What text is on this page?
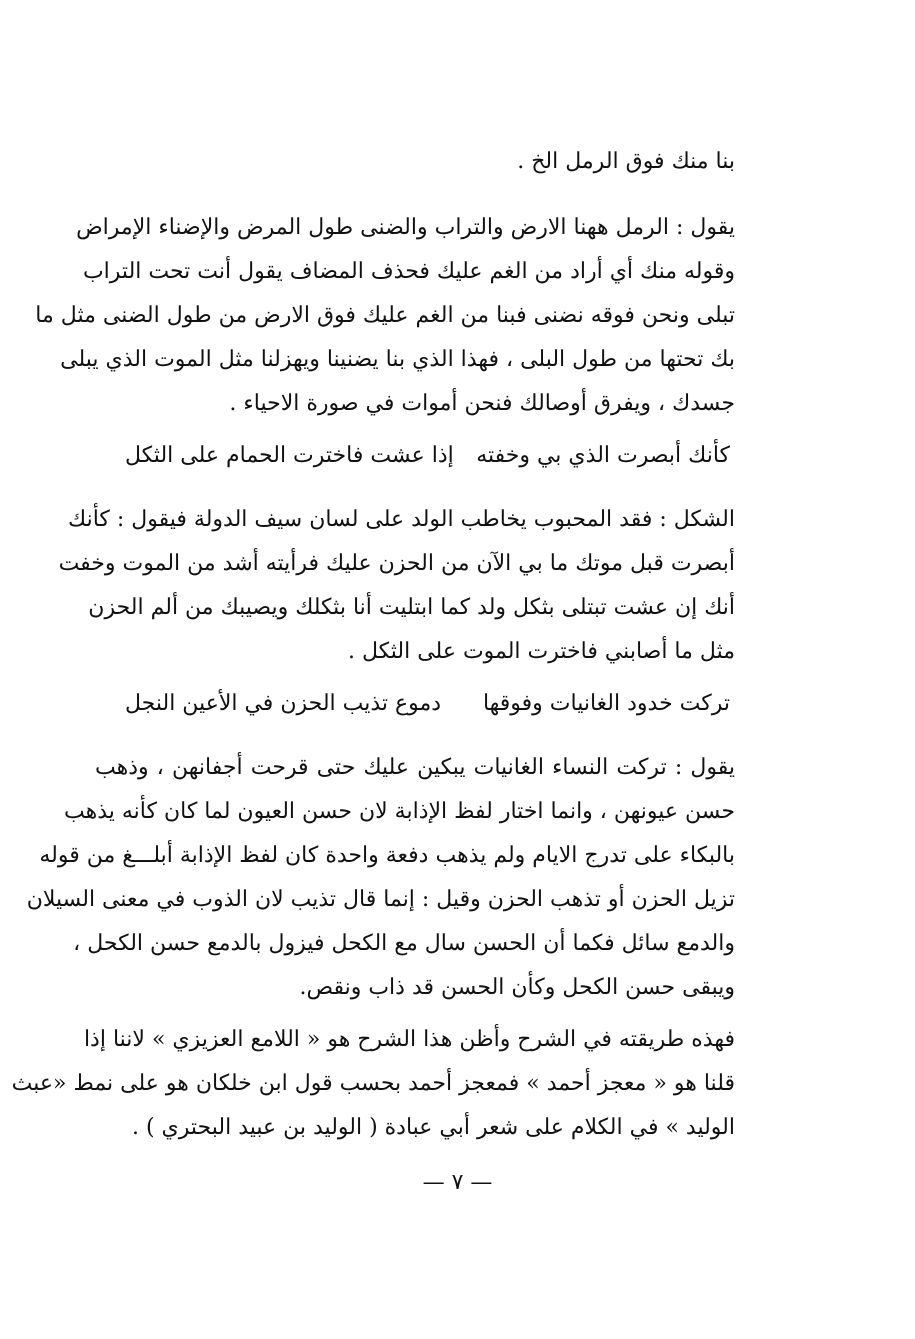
بنا منك فوق الرمل الخ .
يقول : الرمل ههنا الارض والتراب والضنى طول المرض والإضناء الإمراض
وقوله منك أي أراد من الغم عليك فحذف المضاف يقول أنت تحت التراب
تبلى ونحن فوقه نضنى فبنا من الغم عليك فوق الارض من طول الضنى مثل ما
بك تحتها من طول البلى ، فهذا الذي بنا يضنينا ويهزلنا مثل الموت الذي يبلى
جسدك ، ويفرق أوصالك فنحن أموات في صورة الاحياء .
كأنك أبصرت الذي بي وخفته
إذا عشت فاخترت الحمام على الثكل
الشكل : فقد المحبوب يخاطب الولد على لسان سيف الدولة فيقول : كأنك
أبصرت قبل موتك ما بي الآن من الحزن عليك فرأيته أشد من الموت وخفت
أنك إن عشت تبتلى بثكل ولد كما ابتليت أنا بثكلك ويصيبك من ألم الحزن
مثل ما أصابني فاخترت الموت على الثكل .
تركت خدود الغانيات وفوقها
دموع تذيب الحزن في الأعين النجل
يقول : تركت النساء الغانيات يبكين عليك حتى قرحت أجفانهن ، وذهب
حسن عيونهن ، وانما اختار لفظ الإذابة لان حسن العيون لما كان كأنه يذهب
بالبكاء على تدرج الايام ولم يذهب دفعة واحدة كان لفظ الإذابة أبلـــغ من قوله
تزيل الحزن أو تذهب الحزن وقيل : إنما قال تذيب لان الذوب في معنى السيلان
والدمع سائل فكما أن الحسن سال مع الكحل فيزول بالدمع حسن الكحل ،
ويبقى حسن الكحل وكأن الحسن قد ذاب ونقص.
فهذه طريقته في الشرح وأظن هذا الشرح هو « اللامع العزيزي » لاننا إذا
قلنا هو « معجز أحمد » فمعجز أحمد بحسب قول ابن خلكان هو على نمط «عبث
الوليد » في الكلام على شعر أبي عبادة ( الوليد بن عبيد البحتري ) .
— ٧ —
